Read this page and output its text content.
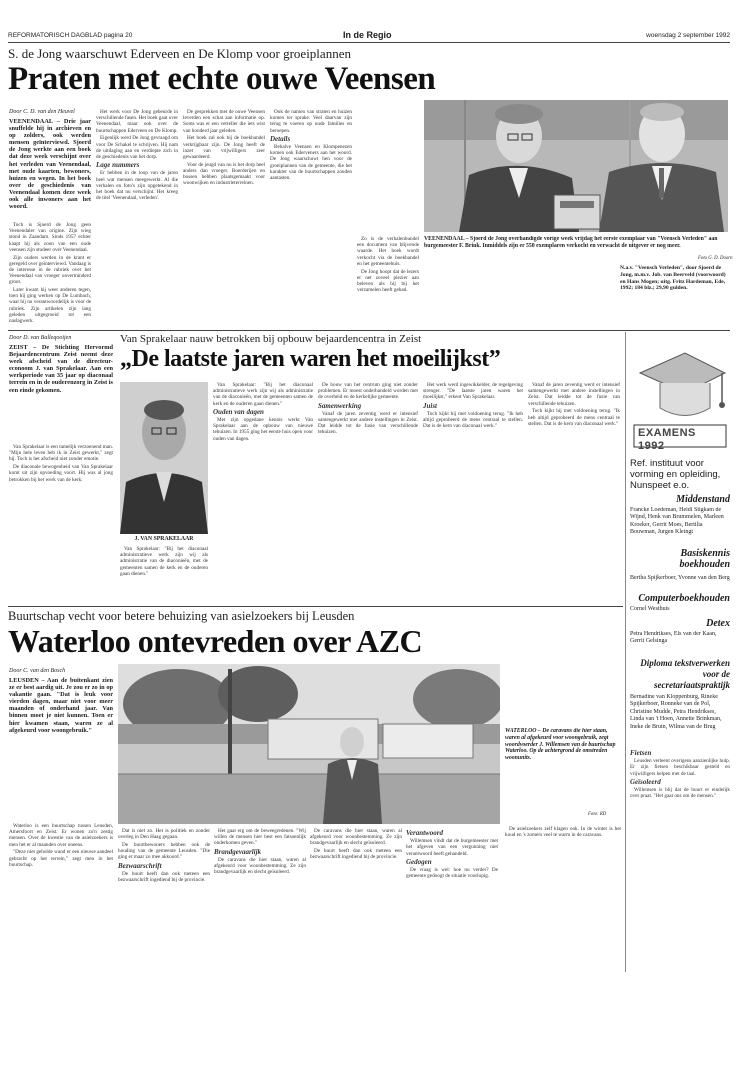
REFORMATORISCH DAGBLAD pagina 20	In de Regio	woensdag 2 september 1992
S. de Jong waarschuwt Ederveen en De Klomp voor groeiplannen
Praten met echte ouwe Veensen
Door C. D. van den Heuvel
VEENENDAAL – Drie jaar snuffelde hij in archieven en op zolders, ook werden mensen geïnterviewd. Sjoerd de Jong werkte aan een boek dat deze week verschijnt over het verleden van Veenendaal, met oude kaarten, bewoners, huizen en wegen. In het boek over de geschiedenis van Veenendaal komen deze week ook alle inwoners aan het woord.

Toch is Sjoerd de Jong geen Veenendaler van origine. Zijn wieg stond in Zaandam. Sinds 1957 echter kaapt hij als zoon van een oude veensen zijn studeer over Veenendaal.

Zijn ouders werden in de krant er geregeld over geïnterviewd. Vandaag is de interesse in de rubriek over het Veenendaal van vroeger onverminderd groot.

Later kwam hij weer anderen tegen, toen hij ging werken op De Lumbach, waar hij nu verantwoordelijk is voor de rubriek. Zijn artikelen zijn lang geleden uitgegroeid tot een naslagwerk.

Het werk voor De Jong gebeurde in verschillende fasen. Het boek gaat over Veenendaal, maar ook over de buurtschappen Ederveen en De Klomp.

Eigenlijk werd De Jong gevraagd om voor De Schakel te schrijven. Hij nam de uitdaging aan en verdiepte zich in de geschiedenis van het dorp.

Lage nummers

Er hebben in de loop van de jaren heel wat mensen meegewerkt. Al die verhalen en foto's zijn opgetekend in het boek dat nu verschijnt. Het kreeg de titel 'Veenendaal, verleden'.

De gesprekken met de ouwe Veensen leverden een schat aan informatie op. Soms was er een verteller die iets wist van honderd jaar geleden.

Het boek zal ook bij de boekhandel verkrijgbaar zijn. De Jong heeft de inzet van vrijwilligers zeer gewaardeerd.

Voor de jeugd van nu is het dorp heel anders dan vroeger. Boerderijen en bossen hebben plaatsgemaakt voor woonwijken en industrieterreinen.

Ook de namen van straten en huizen komen ter sprake. Veel daarvan zijn terug te voeren op oude families en beroepen.

Details

Behalve Veensen en Klompenezen komen ook Ederveners aan het woord. De Jong waarschuwt hen voor de groeiplannen van de gemeente, die het karakter van de buurtschappen zouden aantasten.

Zo is de verhalenbundel een document van blijvende waarde. Het boek wordt verkocht via de boekhandel en het gemeentehuis.

De Jong hoopt dat de lezers er net zoveel plezier aan beleven als hij bij het verzamelen heeft gehad.

VEENENDAAL – Sjoerd de Jong overhandigde vorige week vrijdag het eerste exemplaar van "Veensch Verleden" aan burgemeester F. Brink. Inmiddels zijn er 550 exemplaren verkocht en verwacht de uitgever er nog meer.
N.a.v. "Veensch Verleden", door Sjoerd de Jong, m.m.v. Job. van Beerveld (voorwoord) en Hans Mogen; uitg. Fritz Hardeman, Ede, 1992; 184 blz.; 29,90 gulden.
Foto G. D. Doorn
Van Sprakelaar nauw betrokken bij opbouw bejaardencentra in Zeist
„De laatste jaren waren het moeilijkst”
Door D. van Balleqooijen
ZEIST – De Stichting Hervormd Bejaardencentrum Zeist neemt deze week afscheid van de directeur-econoom J. van Sprakelaar. Aan een werkperiode van 35 jaar op diaconaal terrein en in de ouderenzorg in Zeist is een einde gekomen.

Van Sprakelaar is een tamelijk verzoenend man. "Mijn hele leven heb ik in Zeist gewerkt," zegt hij. Toch is het afscheid niet zonder emotie.

De diaconale bewogenheid van Van Sprakelaar komt uit zijn opvoeding voort. Hij was al jong betrokken bij het werk van de kerk.

J. VAN SPRAKELAAR

Van Sprakelaar: "Bij het diaconaal administratieve werk zijn wij als administratie van de diaconieën, met de gemeenten samen de kerk en de ouderen gaan dienen."

Van Sprakelaar: "Bij het diaconaal administratieve werk zijn wij als administratie van de diaconieën, met de gemeenten samen de kerk en de ouderen gaan dienen."

Ouden van dagen

Met zijn opgedane kennis werkt Van Sprakelaar aan de opbouw van nieuwe tehuizen. In 1955 ging het eerste huis open voor ouden van dagen.

De bouw van het centrum ging niet zonder problemen. Er moest onderhandeld worden met de overheid en de kerkelijke gemeente.

Samenwerking

Vanaf de jaren zeventig werd er intensief samengewerkt met andere instellingen in Zeist. Dat leidde tot de fusie van verschillende tehuizen.

Het werk werd ingewikkelder, de regelgeving strenger. "De laatste jaren waren het moeilijkst," erkent Van Sprakelaar.

Juist

Toch kijkt hij met voldoening terug. "Ik heb altijd geprobeerd de mens centraal te stellen. Dat is de kern van diaconaal werk."

Vanaf de jaren zeventig werd er intensief samengewerkt met andere instellingen in Zeist. Dat leidde tot de fusie van verschillende tehuizen.

Toch kijkt hij met voldoening terug. "Ik heb altijd geprobeerd de mens centraal te stellen. Dat is de kern van diaconaal werk."

EXAMENS 1992
Ref. instituut voor vorming en opleiding, Nunspeet e.o.
Middenstand
Francke Loedeman, Heidi Stigkam de Wijnd, Henk van Brummelen, Marleen Kroeker, Gerrit Moes, Bertilia Bouwman, Jurgen Kleingt
Basiskennis boekhouden
Bertha Spijkerboer, Yvonne van den Berg
Computerboekhouden
Cornel Westhuis
Detex
Petra Hendrikses, Els van der Kaan, Gerrit Gelsinga
Diploma tekstverwerken voor de secretariaatspraktijk
Bernadine van Kloppenburg, Rineke Spijkerboer, Ronneke van de Pol, Christine Mudde, Petra Hendrikses, Linda van 't Hoen, Annette Brinkman, Ineke de Bruin, Wilma van de Brug
Buurtschap vecht voor betere behuizing van asielzoekers bij Leusden
Waterloo ontevreden over AZC
Door C. van den Bosch
LEUSDEN – Aan de buitenkant zien ze er best aardig uit. Je zou er zo in op vakantie gaan. "Dat is leuk voor vierden dagen, maar niet voor meer maanden of onderhand jaar. Van binnen moet je niet kunnen. Toen er hier kwamen staan, waren ze al afgekeurd voor woongebruik."

Waterloo is een buurtschap tussen Leusden, Amersfoort en Zeist. Er wonen zo'n zestig mensen. Over de kwestie van de asielzoekers is men het er al maanden over oneens.

"Deze niet geholde wand er een nieuwe aandeel gebracht op het terrein," zegt men in het buurtschap.

WATERLOO – De caravans die hier staan, waren al afgekeurd voor woongebruik, zegt woordvoerder J. Willemsen van de buurtschap Waterloo. Op de achtergrond de omstreden woonunits.
Foto: RD

Dat is niet zo. Het is politiek en zonder overleg in Den Haag gegaan.

De buurtbewoners hebben ook de houding van de gemeente Leusden. "Die ging er maar zo mee akkoord."

Bezwaarschrift

De buurt heeft dan ook meteen een bezwaarschrift ingediend bij de provincie.

Het gaat erg om de beweegredenen. "Wij willen de mensen hier best een fatsoenlijk onderkomen geven."

Brandgevaarlijk

De caravans die hier staan, waren al afgekeurd voor woonbestemming. Ze zijn brandgevaarlijk en slecht geïsoleerd.

De caravans die hier staan, waren al afgekeurd voor woonbestemming. Ze zijn brandgevaarlijk en slecht geïsoleerd.

De buurt heeft dan ook meteen een bezwaarschrift ingediend bij de provincie.

Verantwoord

Willemsen vindt dat de burgemeester met het afgeven van een vergunning niet verantwoord heeft gehandeld.

Gedogen

De vraag is wel: hoe nu verder? De gemeente gedoogt de situatie voorlopig.

De asielzoekers zelf klagen ook. In de winter is het koud en 's zomers veel te warm in de caravans.

Fietsen

Leusden verleent overigens aanzienlijke hulp. Er zijn fietsen beschikbaar gesteld en vrijwilligers helpen met de taal.

Geïsoleerd

Willemsen is blij dat de buurt er eindelijk over praat. "Het gaat ons om de mensen."
